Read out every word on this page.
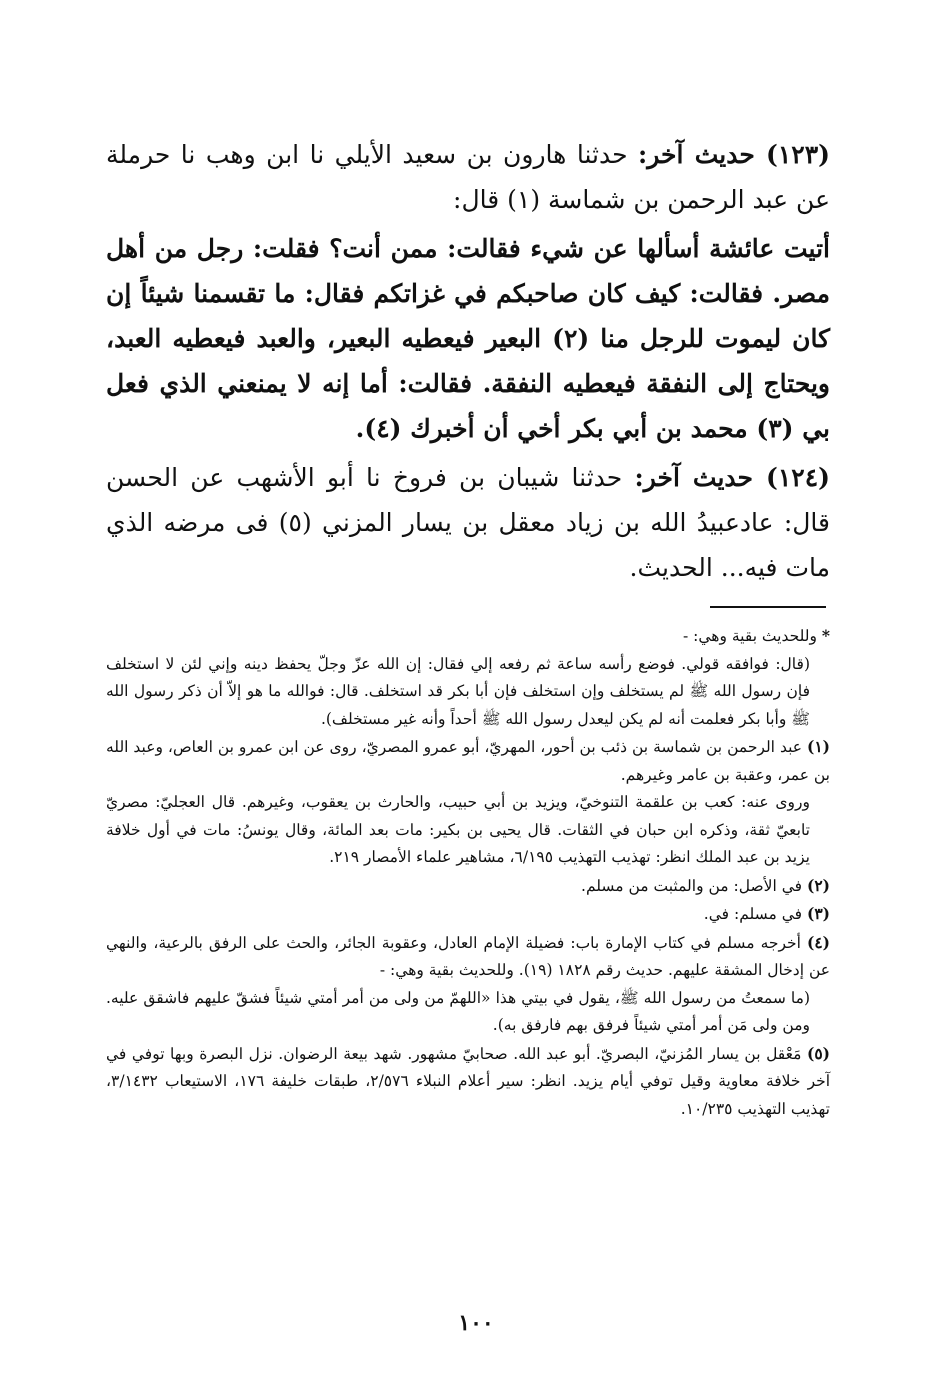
(١٢٣) حديث آخر: حدثنا هارون بن سعيد الأيلي نا ابن وهب نا حرملة عن عبد الرحمن بن شماسة (١) قال:

أتيت عائشة أسألها عن شيء فقالت: ممن أنت؟ فقلت: رجل من أهل مصر. فقالت: كيف كان صاحبكم في غزاتكم فقال: ما تقسمنا شيئاً إن كان ليموت للرجل منا (٢) البعير فيعطيه البعير، والعبد فيعطيه العبد، ويحتاج إلى النفقة فيعطيه النفقة. فقالت: أما إنه لا يمنعني الذي فعل بي (٣) محمد بن أبي بكر أخي أن أخبرك (٤).

(١٢٤) حديث آخر: حدثنا شيبان بن فروخ نا أبو الأشهب عن الحسن قال: عادعبيدُ الله بن زياد معقل بن يسار المزني (٥) فى مرضه الذي مات فيه... الحديث.

* وللحديث بقية وهي: -

(قال: فوافقه قولي. فوضع رأسه ساعة ثم رفعه إلي فقال: إن الله عزّ وجلّ يحفظ دينه وإني لئن لا استخلف فإن رسول الله ﷺ لم يستخلف وإن استخلف فإن أبا بكر قد استخلف. قال: فوالله ما هو إلاّ أن ذكر رسول الله ﷺ وأبا بكر فعلمت أنه لم يكن ليعدل رسول الله ﷺ أحداً وأنه غير مستخلف).

(١) عبد الرحمن بن شماسة بن ذئب بن أحور، المهريّ، أبو عمرو المصريّ، روى عن ابن عمرو بن العاص، وعبد الله بن عمر، وعقبة بن عامر وغيرهم.

وروى عنه: كعب بن علقمة التنوخيّ، ويزيد بن أبي حبيب، والحارث بن يعقوب، وغيرهم. قال العجليّ: مصريّ تابعيّ ثقة، وذكره ابن حبان في الثقات. قال يحيى بن بكير: مات بعد المائة، وقال يونسُ: مات في أول خلافة يزيد بن عبد الملك انظر: تهذيب التهذيب ٦/١٩٥، مشاهير علماء الأمصار ٢١٩.

(٢) في الأصل: من والمثبت من مسلم.

(٣) في مسلم: في.

(٤) أخرجه مسلم في كتاب الإمارة باب: فضيلة الإمام العادل، وعقوبة الجائر، والحث على الرفق بالرعية، والنهي عن إدخال المشقة عليهم. حديث رقم ١٨٢٨ (١٩). وللحديث بقية وهي: -

(ما سمعتُ من رسول الله ﷺ، يقول في بيتي هذا «اللهمّ من ولى من أمر أمتي شيئاً فشقّ عليهم فاشقق عليه. ومن ولى مَن أمر أمتي شيئاً فرفق بهم فارفق به).

(٥) مَعْقل بن يسار المُزنيّ، البصريّ. أبو عبد الله. صحابيّ مشهور. شهد بيعة الرضوان. نزل البصرة وبها توفي في آخر خلافة معاوية وقيل توفي أيام يزيد. انظر: سير أعلام النبلاء ٢/٥٧٦، طبقات خليفة ١٧٦، الاستيعاب ٣/١٤٣٢، تهذيب التهذيب ١٠/٢٣٥.

١٠٠
